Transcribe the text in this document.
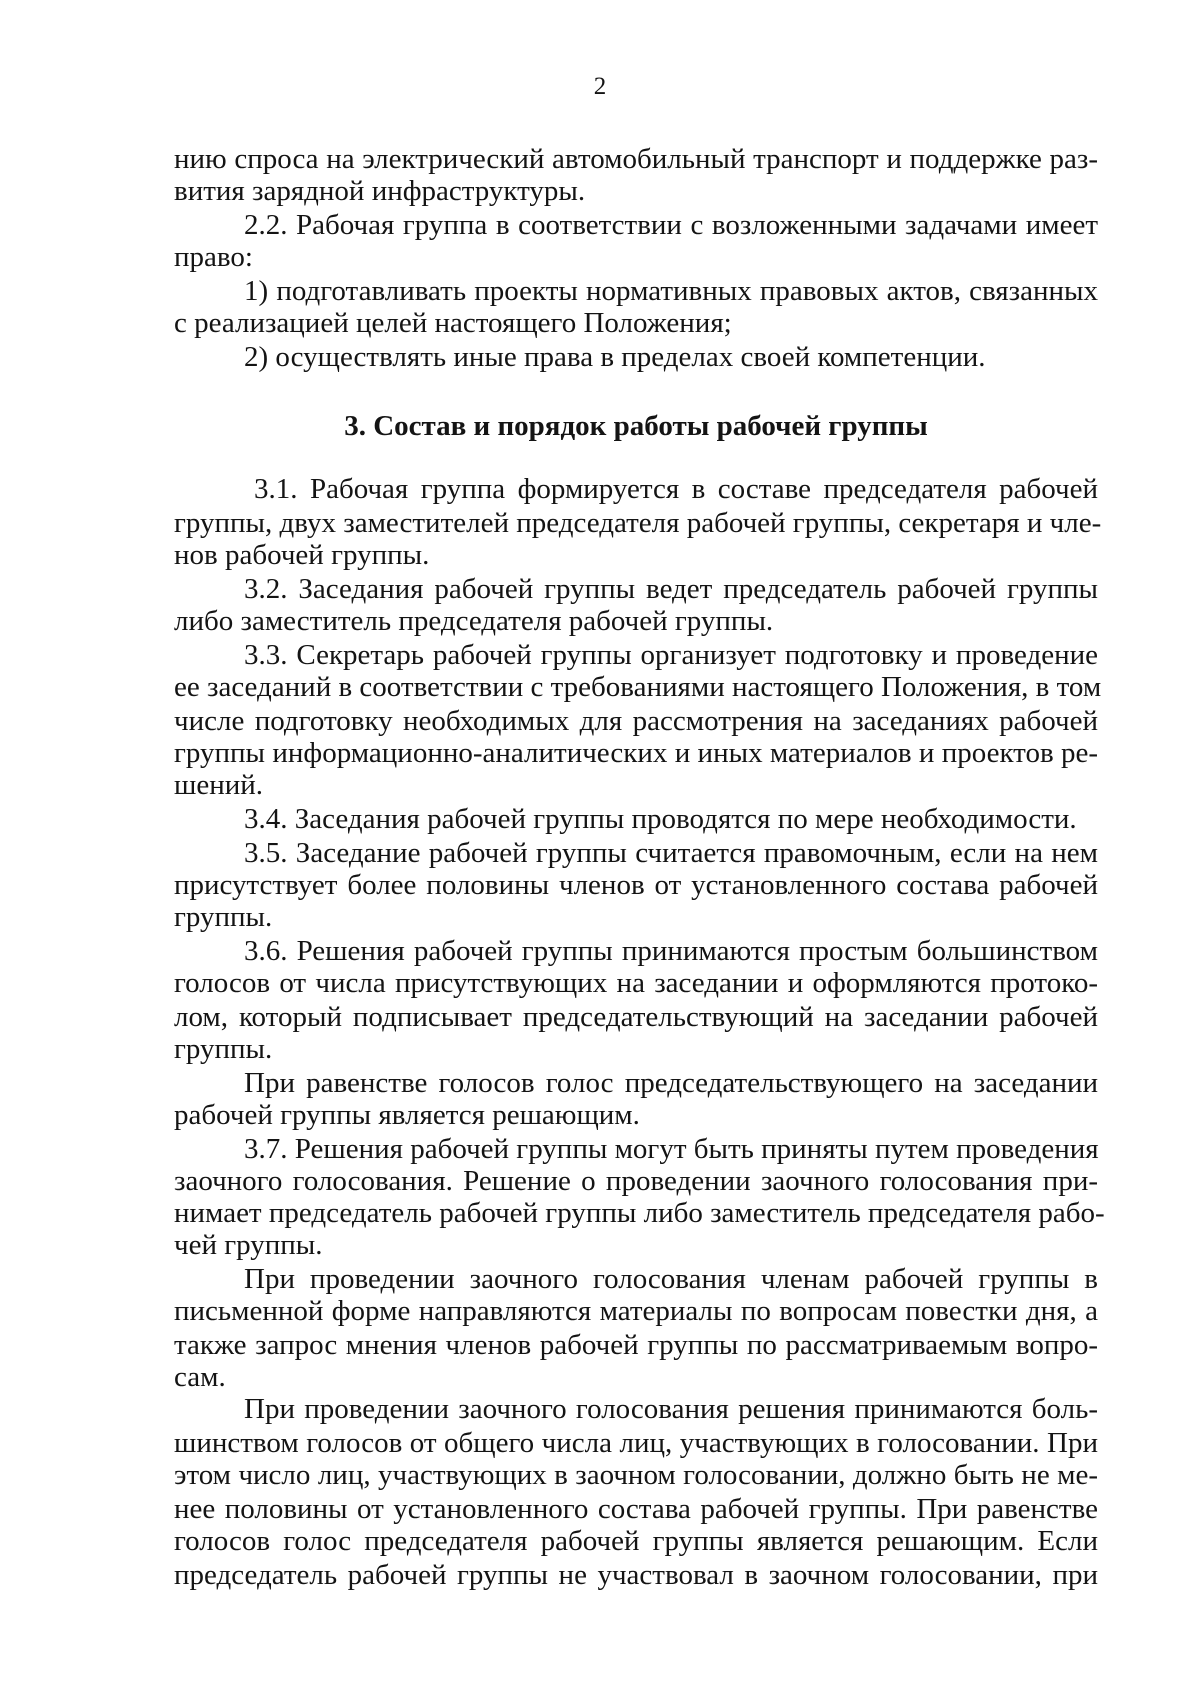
2
нию спроса на электрический автомобильный транспорт и поддержке раз-
вития зарядной инфраструктуры.
2.2. Рабочая группа в соответствии с возложенными задачами имеет
право:
1) подготавливать проекты нормативных правовых актов, связанных
с реализацией целей настоящего Положения;
2) осуществлять иные права в пределах своей компетенции.
3. Состав и порядок работы рабочей группы
3.1. Рабочая группа формируется в составе председателя рабочей
группы, двух заместителей председателя рабочей группы, секретаря и чле-
нов рабочей группы.
3.2. Заседания рабочей группы ведет председатель рабочей группы
либо заместитель председателя рабочей группы.
3.3. Секретарь рабочей группы организует подготовку и проведение
ее заседаний в соответствии с требованиями настоящего Положения, в том
числе подготовку необходимых для рассмотрения на заседаниях рабочей
группы информационно-аналитических и иных материалов и проектов ре-
шений.
3.4. Заседания рабочей группы проводятся по мере необходимости.
3.5. Заседание рабочей группы считается правомочным, если на нем
присутствует более половины членов от установленного состава рабочей
группы.
3.6. Решения рабочей группы принимаются простым большинством
голосов от числа присутствующих на заседании и оформляются протоко-
лом, который подписывает председательствующий на заседании рабочей
группы.
При равенстве голосов голос председательствующего на заседании
рабочей группы является решающим.
3.7. Решения рабочей группы могут быть приняты путем проведения
заочного голосования. Решение о проведении заочного голосования при-
нимает председатель рабочей группы либо заместитель председателя рабо-
чей группы.
При проведении заочного голосования членам рабочей группы в
письменной форме направляются материалы по вопросам повестки дня, а
также запрос мнения членов рабочей группы по рассматриваемым вопро-
сам.
При проведении заочного голосования решения принимаются боль-
шинством голосов от общего числа лиц, участвующих в голосовании. При
этом число лиц, участвующих в заочном голосовании, должно быть не ме-
нее половины от установленного состава рабочей группы. При равенстве
голосов голос председателя рабочей группы является решающим. Если
председатель рабочей группы не участвовал в заочном голосовании, при
